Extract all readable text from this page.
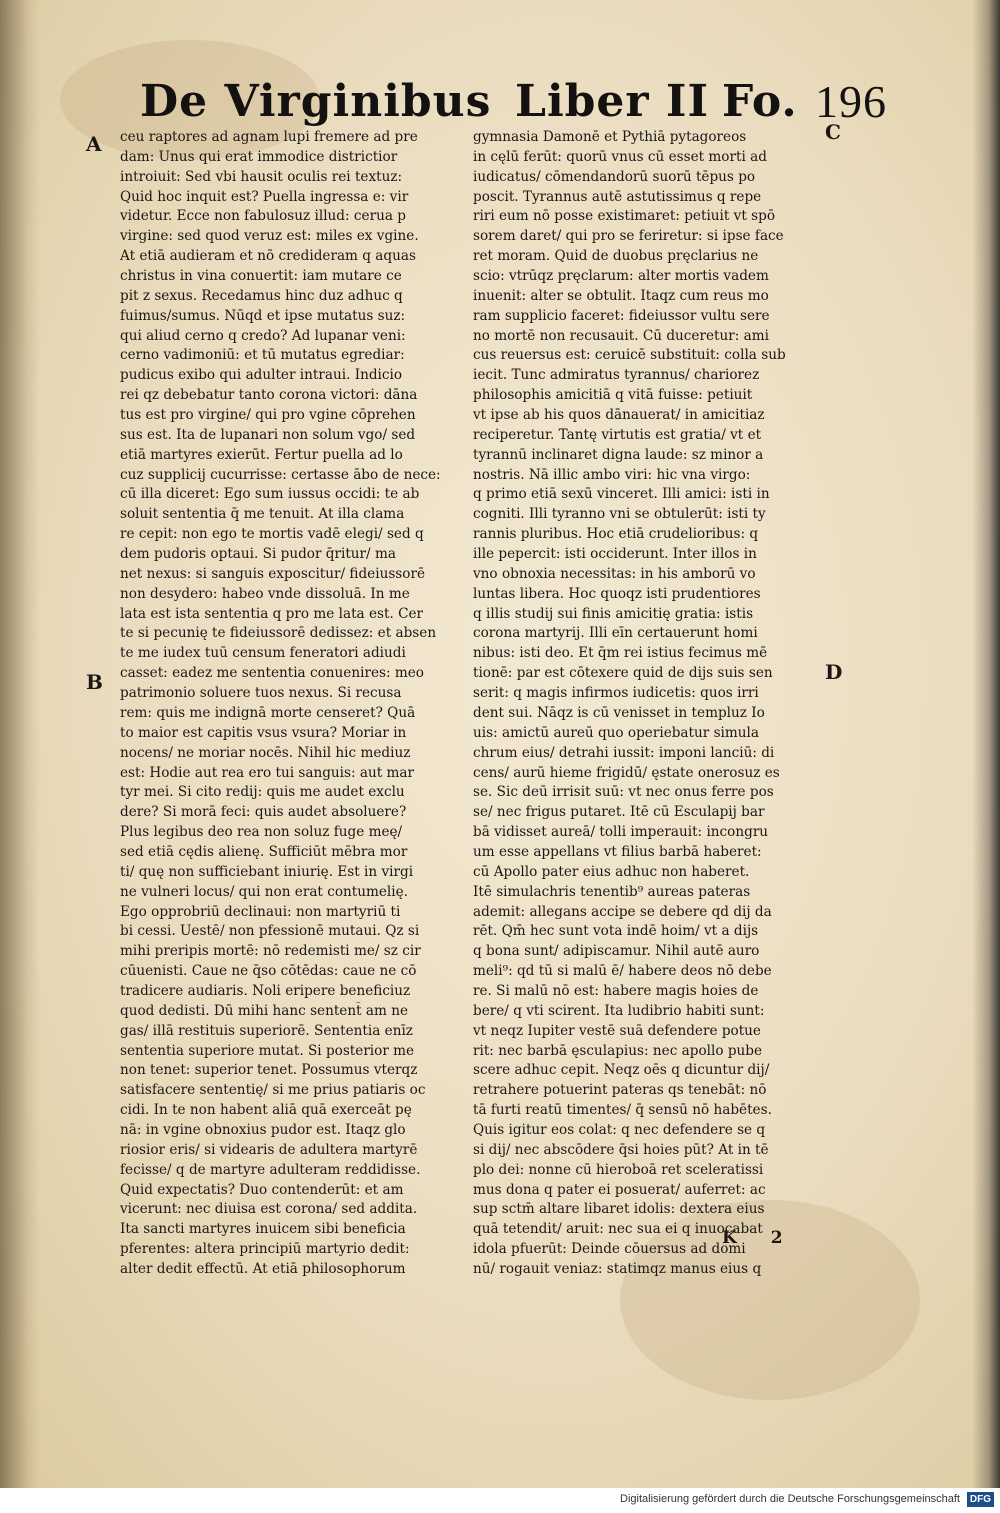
De Virginibus Liber II Fo. 196
A
B
C
D
ceu raptores ad agnam lupi fremere ad pre
dam: Unus qui erat immodice districtior
introiuit: Sed vbi hausit oculis rei textuz:
Quid hoc inquit est? Puella ingressa e: vir
videtur. Ecce non fabulosuz illud: cerua p
virgine: sed quod veruz est: miles ex vgine.
At etiā audieram et nō credideram q aquas
christus in vina conuertit: iam mutare ce
pit z sexus. Recedamus hinc duz adhuc q
fuimus/sumus. Nūqd et ipse mutatus suz:
qui aliud cerno q credo? Ad lupanar veni:
cerno vadimoniū: et tū mutatus egrediar:
pudicus exibo qui adulter intraui. Indicio
rei qz debebatur tanto corona victori: dāna
tus est pro virgine/ qui pro vgine cōprehen
sus est. Ita de lupanari non solum vgo/ sed
etiā martyres exierūt. Fertur puella ad lo
cuz supplicij cucurrisse: certasse ābo de nece:
cū illa diceret: Ego sum iussus occidi: te ab
soluit sententia q̄ me tenuit. At illa clama
re cepit: non ego te mortis vadē elegi/ sed q
dem pudoris optaui. Si pudor q̄ritur/ ma
net nexus: si sanguis exposcitur/ fideiussorē
non desydero: habeo vnde dissoluā. In me
lata est ista sententia q pro me lata est. Cer
te si pecunię te fideiussorē dedissez: et absen
te me iudex tuū censum feneratori adiudi
casset: eadez me sententia conuenires: meo
patrimonio soluere tuos nexus. Si recusa
rem: quis me indignā morte censeret? Quā
to maior est capitis vsus vsura? Moriar in
nocens/ ne moriar nocēs. Nihil hic mediuz
est: Hodie aut rea ero tui sanguis: aut mar
tyr mei. Si cito redij: quis me audet exclu
dere? Si morā feci: quis audet absoluere?
Plus legibus deo rea non soluz fuge meę/
sed etiā cędis alienę. Sufficiūt mēbra mor
ti/ quę non sufficiebant iniurię. Est in virgi
ne vulneri locus/ qui non erat contumelię.
Ego opprobriū declinaui: non martyriū ti
bi cessi. Uestē/ non pfessionē mutaui. Qz si
mihi preripis mortē: nō redemisti me/ sz cir
cūuenisti. Caue ne q̄so cōtēdas: caue ne cō
tradicere audiaris. Noli eripere beneficiuz
quod dedisti. Dū mihi hanc sentent̄ am ne
gas/ illā restituis superiorē. Sententia enīz
sententia superiore mutat. Si posterior me
non tenet: superior tenet. Possumus vterqz
satisfacere sententię/ si me prius patiaris oc
cidi. In te non habent aliā quā exerceāt pę
nā: in vgine obnoxius pudor est. Itaqz glo
riosior eris/ si videaris de adultera martyrē
fecisse/ q de martyre adulteram reddidisse.
Quid expectatis? Duo contenderūt: et am
vicerunt: nec diuisa est corona/ sed addita.
Ita sancti martyres inuicem sibi beneficia
pferentes: altera principiū martyrio dedit:
alter dedit effectū. At etiā philosophorum
gymnasia Damonē et Pythiā pytagoreos
in cęlū ferūt: quorū vnus cū esset morti ad
iudicatus/ cōmendandorū suorū tēpus po
poscit. Tyrannus autē astutissimus q repe
riri eum nō posse existimaret: petiuit vt spō
sorem daret/ qui pro se feriretur: si ipse face
ret moram. Quid de duobus pręclarius ne
scio: vtrūqz pręclarum: alter mortis vadem
inuenit: alter se obtulit. Itaqz cum reus mo
ram supplicio faceret: fideiussor vultu sere
no mortē non recusauit. Cū duceretur: ami
cus reuersus est: ceruicē substituit: colla sub
iecit. Tunc admiratus tyrannus/ chariorez
philosophis amicitiā q vitā fuisse: petiuit
vt ipse ab his quos dānauerat/ in amicitiaz
reciperetur. Tantę virtutis est gratia/ vt et
tyrannū inclinaret digna laude: sz minor a
nostris. Nā illic ambo viri: hic vna virgo:
q primo etiā sexū vinceret. Illi amici: isti in
cogniti. Illi tyranno vni se obtulerūt: isti ty
rannis pluribus. Hoc etiā crudelioribus: q
ille pepercit: isti occiderunt. Inter illos in
vno obnoxia necessitas: in his amborū vo
luntas libera. Hoc quoqz isti prudentiores
q illis studij sui finis amicitię gratia: istis
corona martyrij. Illi eīn certauerunt homi
nibus: isti deo. Et q̄m rei istius fecimus mē
tionē: par est cōtexere quid de dijs suis sen
serit: q magis infirmos iudicetis: quos irri
dent sui. Nāqz is cū venisset in templuz Io
uis: amictū aureū quo operiebatur simula
chrum eius/ detrahi iussit: imponi lanciū: di
cens/ aurū hieme frigidū/ ęstate onerosuz es
se. Sic deū irrisit suū: vt nec onus ferre pos
se/ nec frigus putaret. Itē cū Esculapij bar
bā vidisset aureā/ tolli imperauit: incongru
um esse appellans vt filius barbā haberet:
cū Apollo pater eius adhuc non haberet.
Itē simulachris tenentib⁹ aureas pateras
ademit: allegans accipe se debere qd dij da
rēt. Qm̄ hec sunt vota indē hoim/ vt a dijs
q bona sunt/ adipiscamur. Nihil autē auro
meli⁹: qd tū si malū ē/ habere deos nō debe
re. Si malū nō est: habere magis hoies de
bere/ q vti scirent. Ita ludibrio habiti sunt:
vt neqz Iupiter vestē suā defendere potue
rit: nec barbā ęsculapius: nec apollo pube
scere adhuc cepit. Neqz oēs q dicuntur dij/
retrahere potuerint pateras qs tenebāt: nō
tā furti reatū timentes/ q̄ sensū nō habētes.
Quis igitur eos colat: q nec defendere se q
si dij/ nec abscōdere q̄si hoies pūt? At in tē
plo dei: nonne cū hieroboā ret sceleratissi
mus dona q pater ei posuerat/ auferret: ac
sup sctm̄ altare libaret idolis: dextera eius
quā tetendit/ aruit: nec sua ei q inuocabat
idola pfuerūt: Deinde cōuersus ad domi
nū/ rogauit veniaz: statimqz manus eius q
K 2
Digitalisierung gefördert durch die Deutsche Forschungsgemeinschaft DFG
